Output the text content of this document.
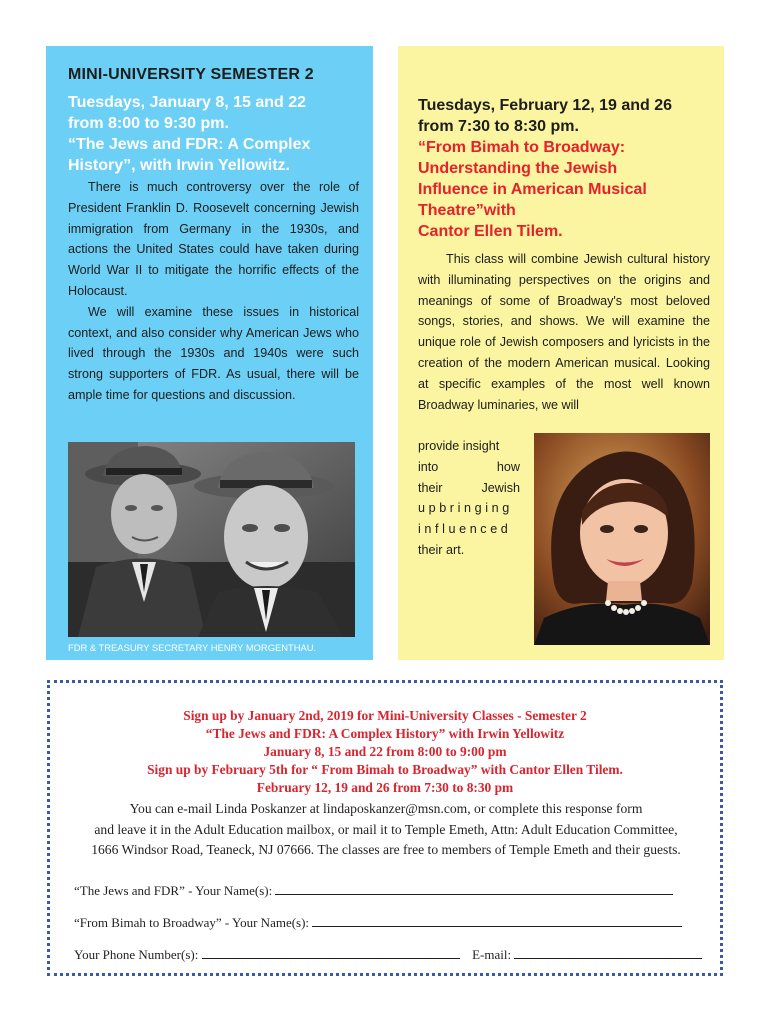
MINI-UNIVERSITY SEMESTER 2
Tuesdays, January 8, 15 and 22
from 8:00 to 9:30 pm.
“The Jews and FDR: A Complex
History”, with Irwin Yellowitz.

There is much controversy over the role of President Franklin D. Roosevelt concerning Jewish immigration from Germany in the 1930s, and actions the United States could have taken during World War II to mitigate the horrific effects of the Holocaust.

We will examine these issues in historical context, and also consider why American Jews who lived through the 1930s and 1940s were such strong supporters of FDR. As usual, there will be ample time for questions and discussion.

FDR & TREASURY SECRETARY HENRY MORGENTHAU.
Tuesdays, February 12, 19 and 26
from 7:30 to 8:30 pm.
“From Bimah to Broadway:
Understanding the Jewish
Influence in American Musical
Theatre”with
Cantor Ellen Tilem.
This class will combine Jewish cultural history with illuminating perspectives on the origins and meanings of some of Broadway's most beloved songs, stories, and shows. We will examine the unique role of Jewish composers and lyricists in the creation of the modern American musical. Looking at specific examples of the most well known Broadway luminaries, we will
provide insight
into	how
their	Jewish
upbringing
influenced
their art.
Sign up by January 2nd, 2019 for Mini-University Classes - Semester 2
“The Jews and FDR: A Complex History” with Irwin Yellowitz
January 8, 15 and 22 from 8:00 to 9:00 pm
Sign up by February 5th for “ From Bimah to Broadway” with Cantor Ellen Tilem.
February 12, 19 and 26 from 7:30 to 8:30 pm
You can e-mail Linda Poskanzer at lindaposkanzer@msn.com, or complete this response form
and leave it in the Adult Education mailbox, or mail it to Temple Emeth, Attn: Adult Education Committee,
1666 Windsor Road, Teaneck, NJ 07666. The classes are free to members of Temple Emeth and their guests.
“The Jews and FDR” - Your Name(s):
“From Bimah to Broadway” - Your Name(s):
Your Phone Number(s):	E-mail:
